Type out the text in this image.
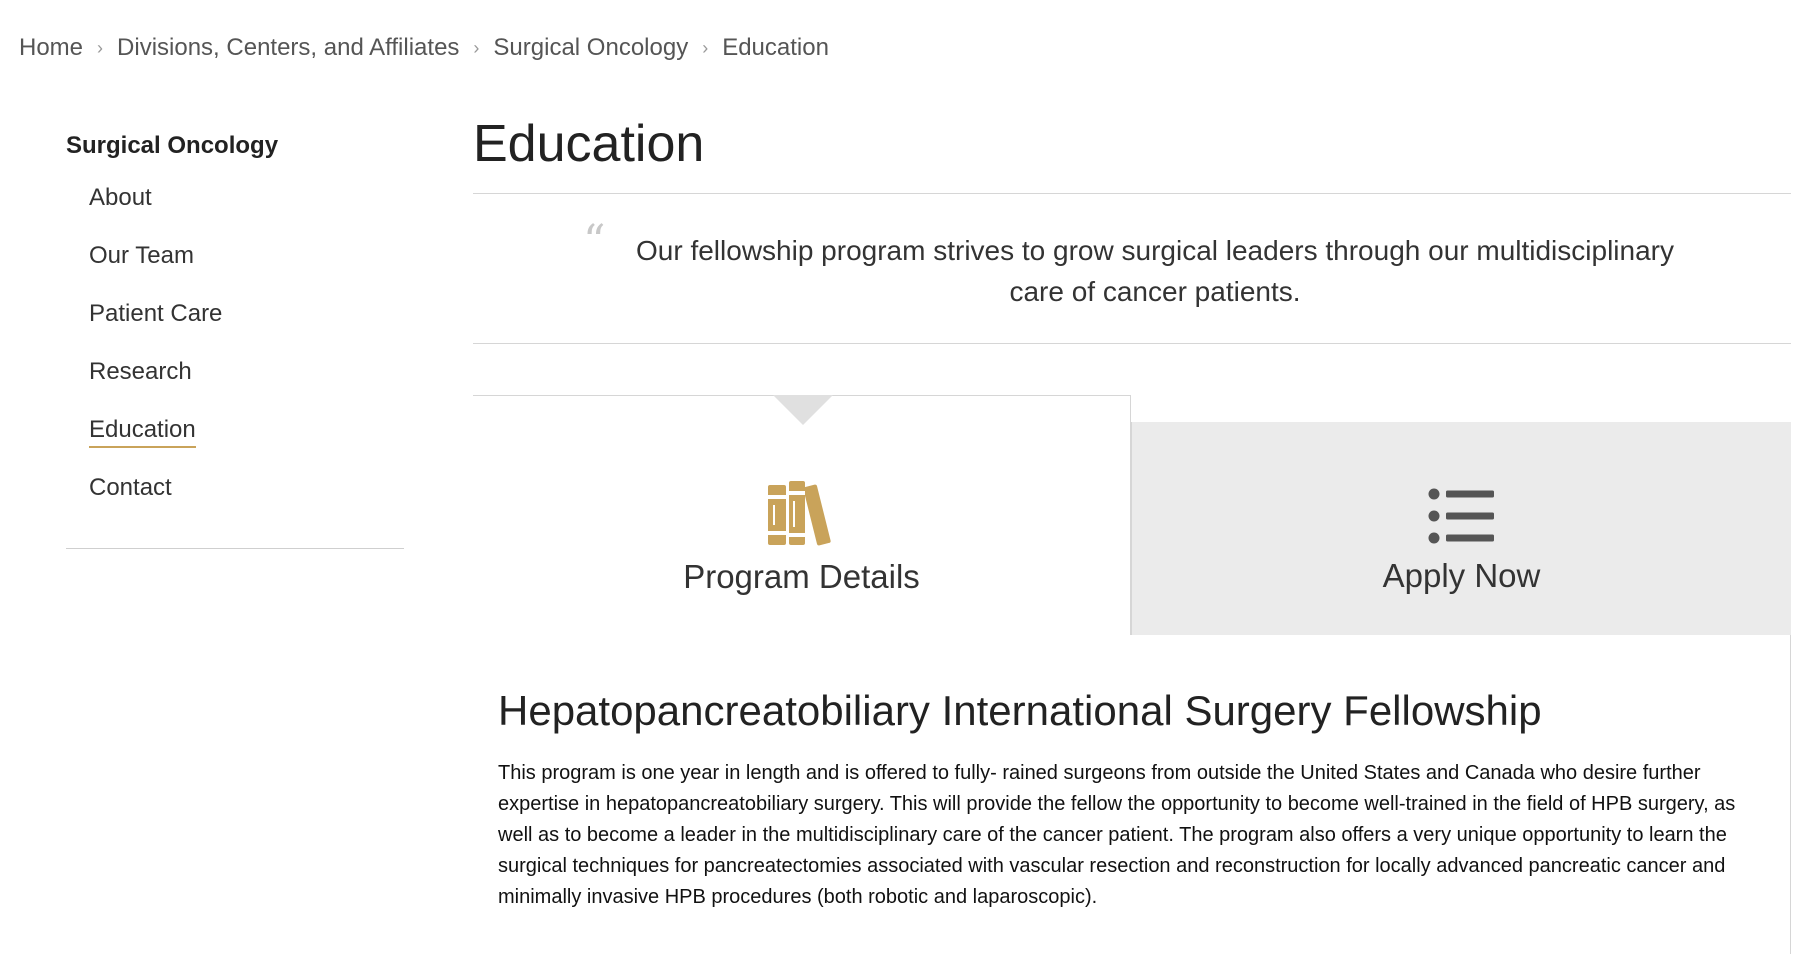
Home › Divisions, Centers, and Affiliates › Surgical Oncology › Education
Surgical Oncology
About
Our Team
Patient Care
Research
Education
Contact
Education
“	Our fellowship program strives to grow surgical leaders through our multidisciplinary care of cancer patients.

Program Details	Apply Now
Hepatopancreatobiliary International Surgery Fellowship

This program is one year in length and is offered to fully- rained surgeons from outside the United States and Canada who desire further expertise in hepatopancreatobiliary surgery. This will provide the fellow the opportunity to become well-trained in the field of HPB surgery, as well as to become a leader in the multidisciplinary care of the cancer patient. The program also offers a very unique opportunity to learn the surgical techniques for pancreatectomies associated with vascular resection and reconstruction for locally advanced pancreatic cancer and minimally invasive HPB procedures (both robotic and laparoscopic).
